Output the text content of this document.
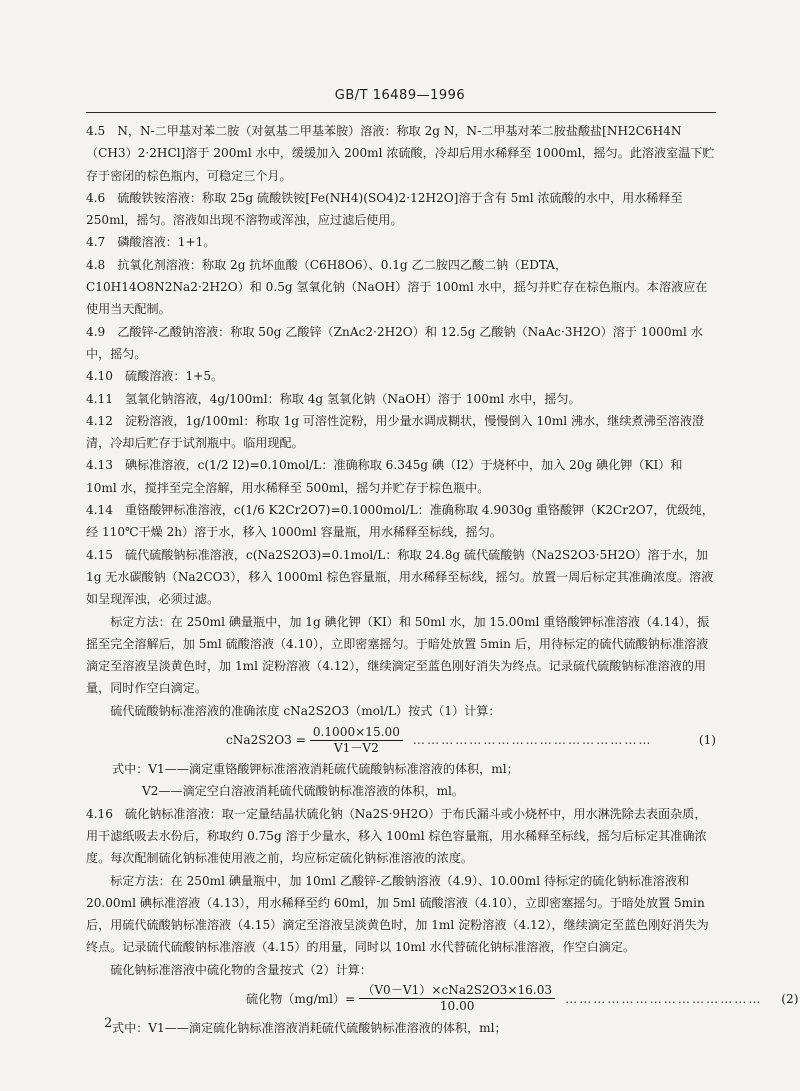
GB/T 16489—1996

4.5　N，N-二甲基对苯二胺（对氨基二甲基苯胺）溶液：称取 2g N，N-二甲基对苯二胺盐酸盐[NH2C6H4N（CH3）2·2HCl]溶于 200ml 水中，缓缓加入 200ml 浓硫酸，冷却后用水稀释至 1000ml，摇匀。此溶液室温下贮存于密闭的棕色瓶内，可稳定三个月。

4.6　硫酸铁铵溶液：称取 25g 硫酸铁铵[Fe(NH4)(SO4)2·12H2O]溶于含有 5ml 浓硫酸的水中，用水稀释至 250ml，摇匀。溶液如出现不溶物或浑浊，应过滤后使用。

4.7　磷酸溶液：1+1。

4.8　抗氧化剂溶液：称取 2g 抗坏血酸（C6H8O6）、0.1g 乙二胺四乙酸二钠（EDTA，C10H14O8N2Na2·2H2O）和 0.5g 氢氧化钠（NaOH）溶于 100ml 水中，摇匀并贮存在棕色瓶内。本溶液应在使用当天配制。

4.9　乙酸锌-乙酸钠溶液：称取 50g 乙酸锌（ZnAc2·2H2O）和 12.5g 乙酸钠（NaAc·3H2O）溶于 1000ml 水中，摇匀。

4.10　硫酸溶液：1+5。

4.11　氢氧化钠溶液，4g/100ml：称取 4g 氢氧化钠（NaOH）溶于 100ml 水中，摇匀。

4.12　淀粉溶液，1g/100ml：称取 1g 可溶性淀粉，用少量水调成糊状，慢慢倒入 10ml 沸水，继续煮沸至溶液澄清，冷却后贮存于试剂瓶中。临用现配。

4.13　碘标准溶液，c(1/2 I2)=0.10mol/L：准确称取 6.345g 碘（I2）于烧杯中，加入 20g 碘化钾（KI）和 10ml 水，搅拌至完全溶解，用水稀释至 500ml，摇匀并贮存于棕色瓶中。

4.14　重铬酸钾标准溶液，c(1/6 K2Cr2O7)=0.1000mol/L：准确称取 4.9030g 重铬酸钾（K2Cr2O7，优级纯，经 110℃干燥 2h）溶于水，移入 1000ml 容量瓶，用水稀释至标线，摇匀。

4.15　硫代硫酸钠标准溶液，c(Na2S2O3)=0.1mol/L：称取 24.8g 硫代硫酸钠（Na2S2O3·5H2O）溶于水，加 1g 无水碳酸钠（Na2CO3），移入 1000ml 棕色容量瓶，用水稀释至标线，摇匀。放置一周后标定其准确浓度。溶液如呈现浑浊，必须过滤。

标定方法：在 250ml 碘量瓶中，加 1g 碘化钾（KI）和 50ml 水，加 15.00ml 重铬酸钾标准溶液（4.14），振摇至完全溶解后，加 5ml 硫酸溶液（4.10），立即密塞摇匀。于暗处放置 5min 后，用待标定的硫代硫酸钠标准溶液滴定至溶液呈淡黄色时，加 1ml 淀粉溶液（4.12），继续滴定至蓝色刚好消失为终点。记录硫代硫酸钠标准溶液的用量，同时作空白滴定。

硫代硫酸钠标准溶液的准确浓度 cNa2S2O3（mol/L）按式（1）计算：

$cNa2S2O3 = \frac{0.1000\times 15.00}{V1-V2}$ ……………………………………………	(1)

式中：V1——滴定重铬酸钾标准溶液消耗硫代硫酸钠标准溶液的体积，ml；

V2——滴定空白溶液消耗硫代硫酸钠标准溶液的体积，ml。

4.16　硫化钠标准溶液：取一定量结晶状硫化钠（Na2S·9H2O）于布氏漏斗或小烧杯中，用水淋洗除去表面杂质，用干滤纸吸去水份后，称取约 0.75g 溶于少量水，移入 100ml 棕色容量瓶，用水稀释至标线，摇匀后标定其准确浓度。每次配制硫化钠标准使用液之前，均应标定硫化钠标准溶液的浓度。

标定方法：在 250ml 碘量瓶中，加 10ml 乙酸锌-乙酸钠溶液（4.9）、10.00ml 待标定的硫化钠标准溶液和 20.00ml 碘标准溶液（4.13），用水稀释至约 60ml，加 5ml 硫酸溶液（4.10），立即密塞摇匀。于暗处放置 5min 后，用硫代硫酸钠标准溶液（4.15）滴定至溶液呈淡黄色时，加 1ml 淀粉溶液（4.12），继续滴定至蓝色刚好消失为终点。记录硫代硫酸钠标准溶液（4.15）的用量，同时以 10ml 水代替硫化钠标准溶液，作空白滴定。

硫化钠标准溶液中硫化物的含量按式（2）计算：

硫化物$(mg/ml)= \frac{\text{（V0－V1）×cNa2S2O3×16.03}}{10.00}$ ……………………………………	(2)

式中：V1——滴定硫化钠标准溶液消耗硫代硫酸钠标准溶液的体积，ml；

2
